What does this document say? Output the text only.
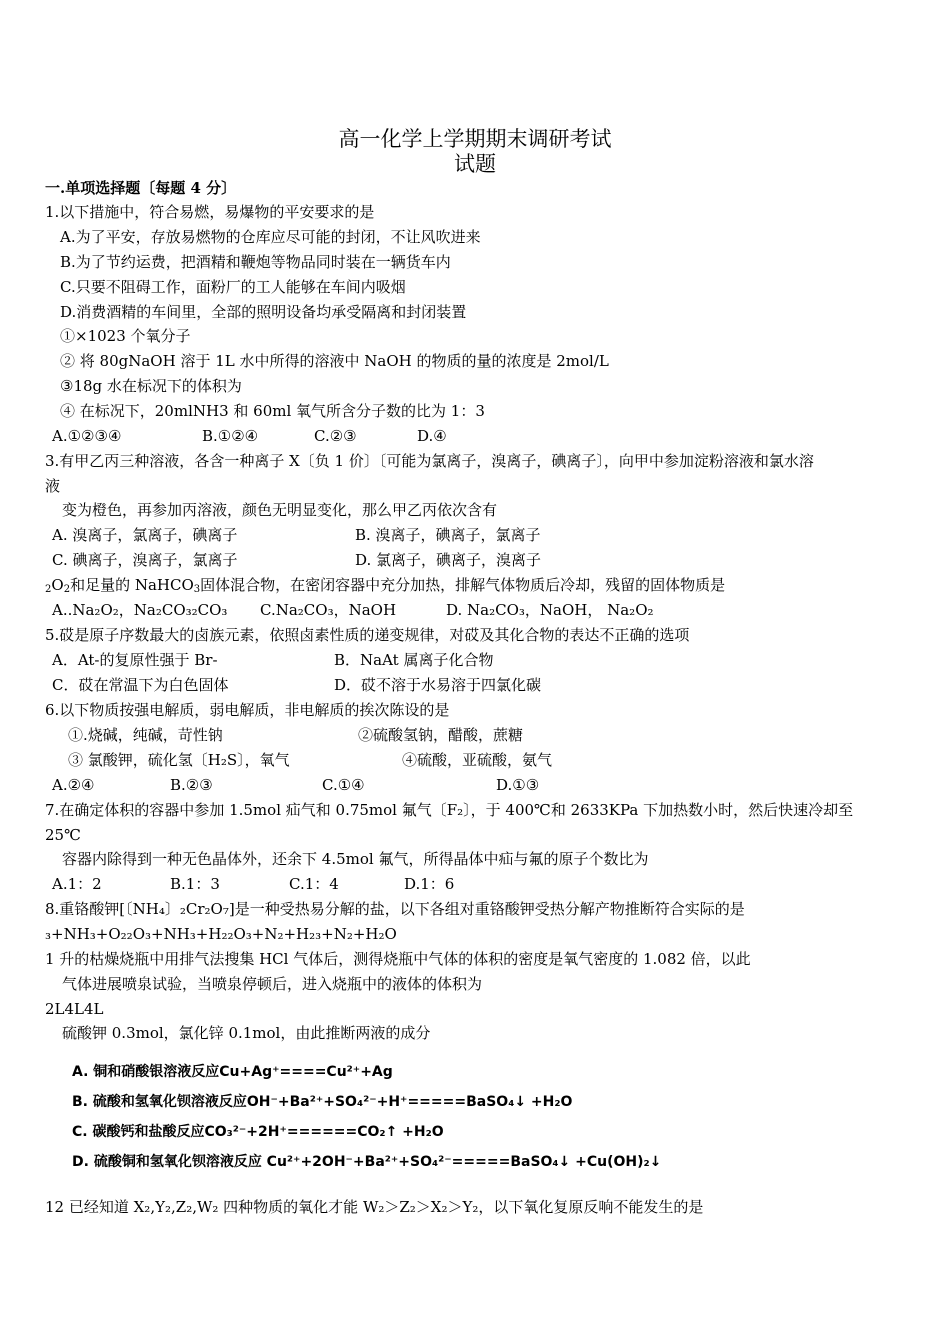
高一化学上学期期末调研考试
试题
一.单项选择题〔每题 4 分〕
1.以下措施中，符合易燃，易爆物的平安要求的是
A.为了平安，存放易燃物的仓库应尽可能的封闭，不让风吹进来
B.为了节约运费，把酒精和鞭炮等物品同时装在一辆货车内
C.只要不阻碍工作，面粉厂的工人能够在车间内吸烟
D.消费酒精的车间里，全部的照明设备均承受隔离和封闭装置
①×1023 个氧分子
② 将 80gNaOH 溶于 1L 水中所得的溶液中 NaOH 的物质的量的浓度是 2mol/L
③18g 水在标况下的体积为
④ 在标况下，20mlNH3 和 60ml 氧气所含分子数的比为 1：3
A.①②③④	B.①②④	C.②③	D.④
3.有甲乙丙三种溶液，各含一种离子 X〔负 1 价〕〔可能为氯离子，溴离子，碘离子〕，向甲中参加淀粉溶液和氯水溶
液
变为橙色，再参加丙溶液，颜色无明显变化，那么甲乙丙依次含有
A. 溴离子，氯离子，碘离子	B. 溴离子，碘离子，氯离子
C. 碘离子，溴离子，氯离子	D. 氯离子，碘离子，溴离子
$_2O_2$和足量的 NaHCO$_3$固体混合物，在密闭容器中充分加热，排解气体物质后冷却，残留的固体物质是
A..Na₂O₂，Na₂CO₃₂CO₃ C.Na₂CO₃，NaOH	D. Na₂CO₃，NaOH， Na₂O₂
5.砹是原子序数最大的卤族元素，依照卤素性质的递变规律，对砹及其化合物的表达不正确的选项
A．At-的复原性强于 Br-	B．NaAt 属离子化合物
C．砹在常温下为白色固体	D．砹不溶于水易溶于四氯化碳
6.以下物质按强电解质，弱电解质，非电解质的挨次陈设的是
①.烧碱，纯碱，苛性钠	②硫酸氢钠，醋酸，蔗糖
③ 氯酸钾，硫化氢〔H₂S〕，氧气	④硫酸，亚硫酸，氨气
A.②④	B.②③	C.①④	D.①③
7.在确定体积的容器中参加 1.5mol 疝气和 0.75mol 氟气〔F₂〕，于 400℃和 2633KPa 下加热数小时，然后快速冷却至
25℃
容器内除得到一种无色晶体外，还余下 4.5mol 氟气，所得晶体中疝与氟的原子个数比为
A.1：2	B.1：3	C.1：4	D.1：6
8.重铬酸钾[〔NH₄〕₂Cr₂O₇]是一种受热易分解的盐，以下各组对重铬酸钾受热分解产物推断符合实际的是
₃+NH₃+O₂₂O₃+NH₃+H₂₂O₃+N₂+H₂₃+N₂+H₂O
1 升的枯燥烧瓶中用排气法搜集 HCl 气体后，测得烧瓶中气体的体积的密度是氧气密度的 1.082 倍，以此
气体进展喷泉试验，当喷泉停顿后，进入烧瓶中的液体的体积为
2L4L4L
硫酸钾 0.3mol，氯化锌 0.1mol，由此推断两液的成分
A. 铜和硝酸银溶液反应Cu+Ag⁺====Cu²⁺+Ag
B. 硫酸和氢氧化钡溶液反应OH⁻+Ba²⁺+SO₄²⁻+H⁺=====BaSO₄↓ +H₂O
C. 碳酸钙和盐酸反应CO₃²⁻+2H⁺======CO₂↑ +H₂O
D. 硫酸铜和氢氧化钡溶液反应 Cu²⁺+2OH⁻+Ba²⁺+SO₄²⁻=====BaSO₄↓ +Cu(OH)₂↓
12 已经知道 X₂,Y₂,Z₂,W₂ 四种物质的氧化才能 W₂＞Z₂＞X₂＞Y₂，以下氧化复原反响不能发生的是
